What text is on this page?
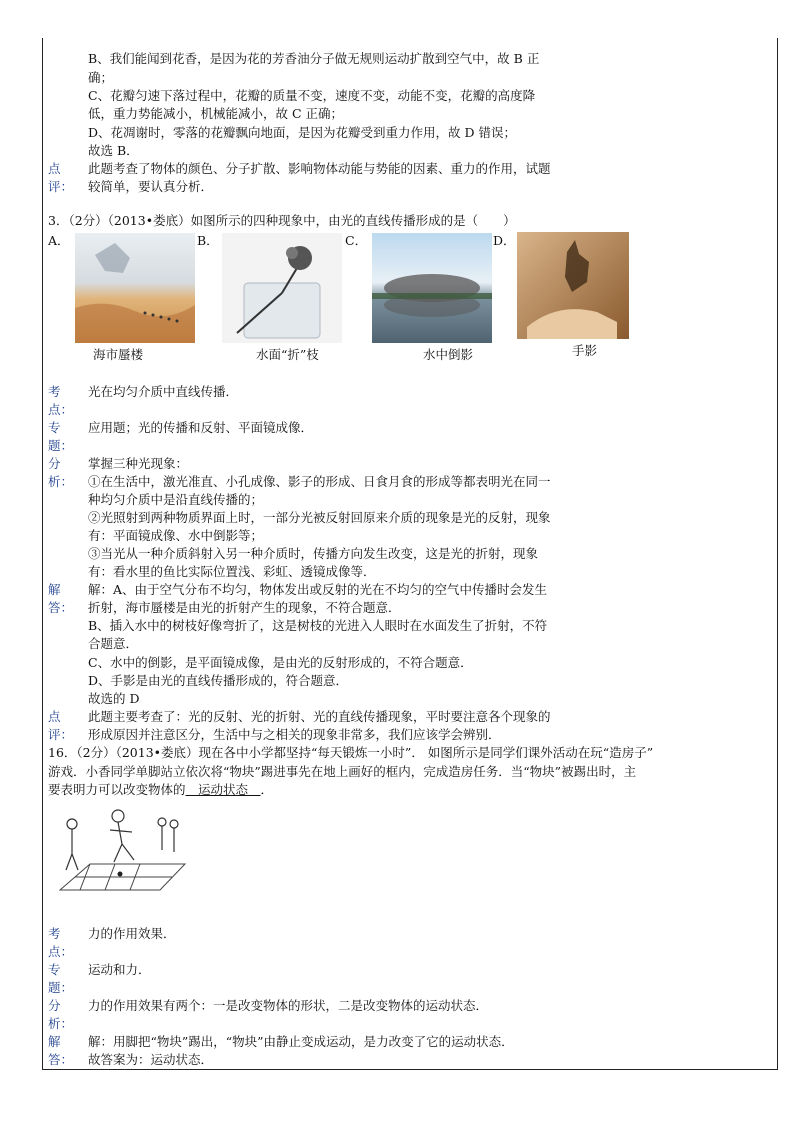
B、我们能闻到花香，是因为花的芳香油分子做无规则运动扩散到空气中，故 B 正
确；
C、花瓣匀速下落过程中，花瓣的质量不变，速度不变，动能不变，花瓣的高度降
低，重力势能减小，机械能减小，故 C 正确；
D、花凋谢时，零落的花瓣飘向地面，是因为花瓣受到重力作用，故 D 错误；
故选 B．
点
评：
此题考查了物体的颜色、分子扩散、影响物体动能与势能的因素、重力的作用，试题
较简单，要认真分析．
3．（2分）（2013•娄底）如图所示的四种现象中，由光的直线传播形成的是（　　）
A．
海市蜃楼
B．
水面“折”枝
C．
水中倒影
D．
手影
考
点：
光在均匀介质中直线传播．
专
题：
应用题；光的传播和反射、平面镜成像．
分
析：
掌握三种光现象：
①在生活中，激光准直、小孔成像、影子的形成、日食月食的形成等都表明光在同一
种均匀介质中是沿直线传播的；
②光照射到两种物质界面上时，一部分光被反射回原来介质的现象是光的反射，现象
有：平面镜成像、水中倒影等；
③当光从一种介质斜射入另一种介质时，传播方向发生改变，这是光的折射，现象
有：看水里的鱼比实际位置浅、彩虹、透镜成像等．
解
答：
解：A、由于空气分布不均匀，物体发出或反射的光在不均匀的空气中传播时会发生
折射，海市蜃楼是由光的折射产生的现象，不符合题意．
B、插入水中的树枝好像弯折了，这是树枝的光进入人眼时在水面发生了折射，不符
合题意．
C、水中的倒影，是平面镜成像，是由光的反射形成的，不符合题意．
D、手影是由光的直线传播形成的，符合题意．
故选的 D
点
评：
此题主要考查了：光的反射、光的折射、光的直线传播现象，平时要注意各个现象的
形成原因并注意区分，生活中与之相关的现象非常多，我们应该学会辨别．
16．（2分）（2013•娄底）现在各中小学都坚持“每天锻炼一小时”． 如图所示是同学们课外活动在玩“造房子”
游戏．小香同学单脚站立依次将“物块”踢进事先在地上画好的框内，完成造房任务．当“物块”被踢出时，主
要表明力可以改变物体的　运动状态　．
考
点：
力的作用效果．
专
题：
运动和力．
分
析：
力的作用效果有两个：一是改变物体的形状，二是改变物体的运动状态．
解
答：
解：用脚把“物块”踢出，“物块”由静止变成运动，是力改变了它的运动状态．
故答案为：运动状态．
